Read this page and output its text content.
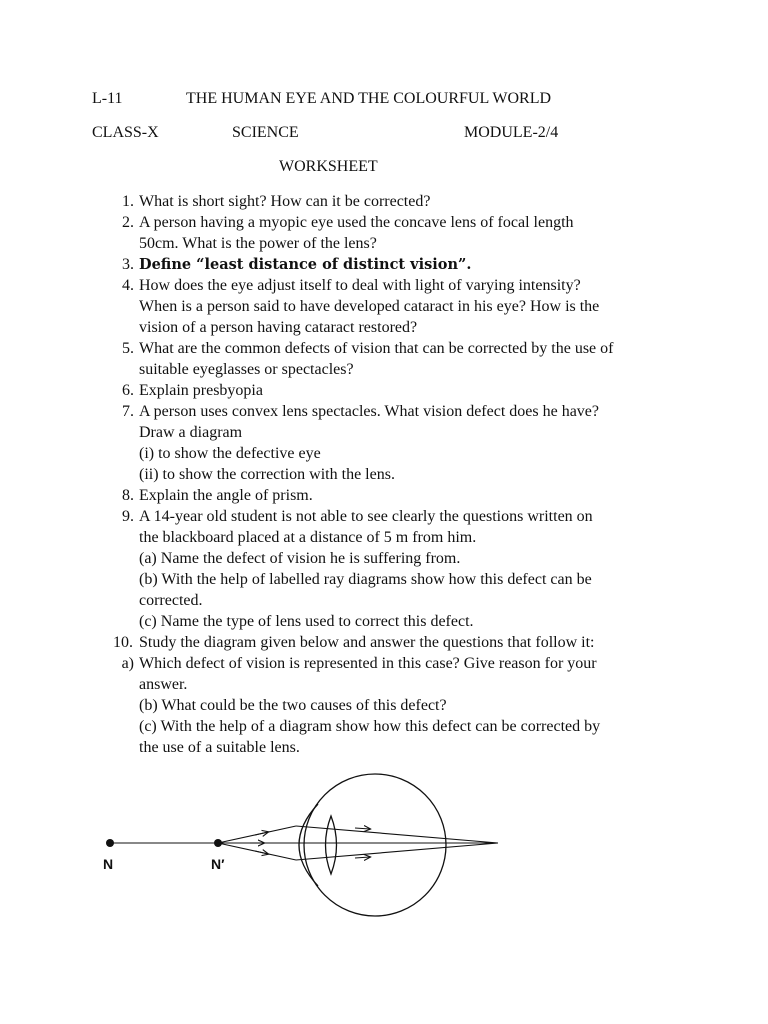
L-11	THE HUMAN EYE AND THE COLOURFUL WORLD
CLASS-X	SCIENCE	MODULE-2/4
WORKSHEET
1. What is short sight? How can it be corrected?
2. A person having a myopic eye used the concave lens of focal length
50cm. What is the power of the lens?
3. Define “least distance of distinct vision”.
4. How does the eye adjust itself to deal with light of varying intensity?
When is a person said to have developed cataract in his eye? How is the
vision of a person having cataract restored?
5. What are the common defects of vision that can be corrected by the use of
suitable eyeglasses or spectacles?
6. Explain presbyopia
7. A person uses convex lens spectacles. What vision defect does he have?
Draw a diagram
(i) to show the defective eye
(ii) to show the correction with the lens.
8. Explain the angle of prism.
9. A 14-year old student is not able to see clearly the questions written on
the blackboard placed at a distance of 5 m from him.
(a) Name the defect of vision he is suffering from.
(b) With the help of labelled ray diagrams show how this defect can be
corrected.
(c) Name the type of lens used to correct this defect.
10. Study the diagram given below and answer the questions that follow it:
a) Which defect of vision is represented in this case? Give reason for your
answer.
(b) What could be the two causes of this defect?
(c) With the help of a diagram show how this defect can be corrected by
the use of a suitable lens.
N	N′
